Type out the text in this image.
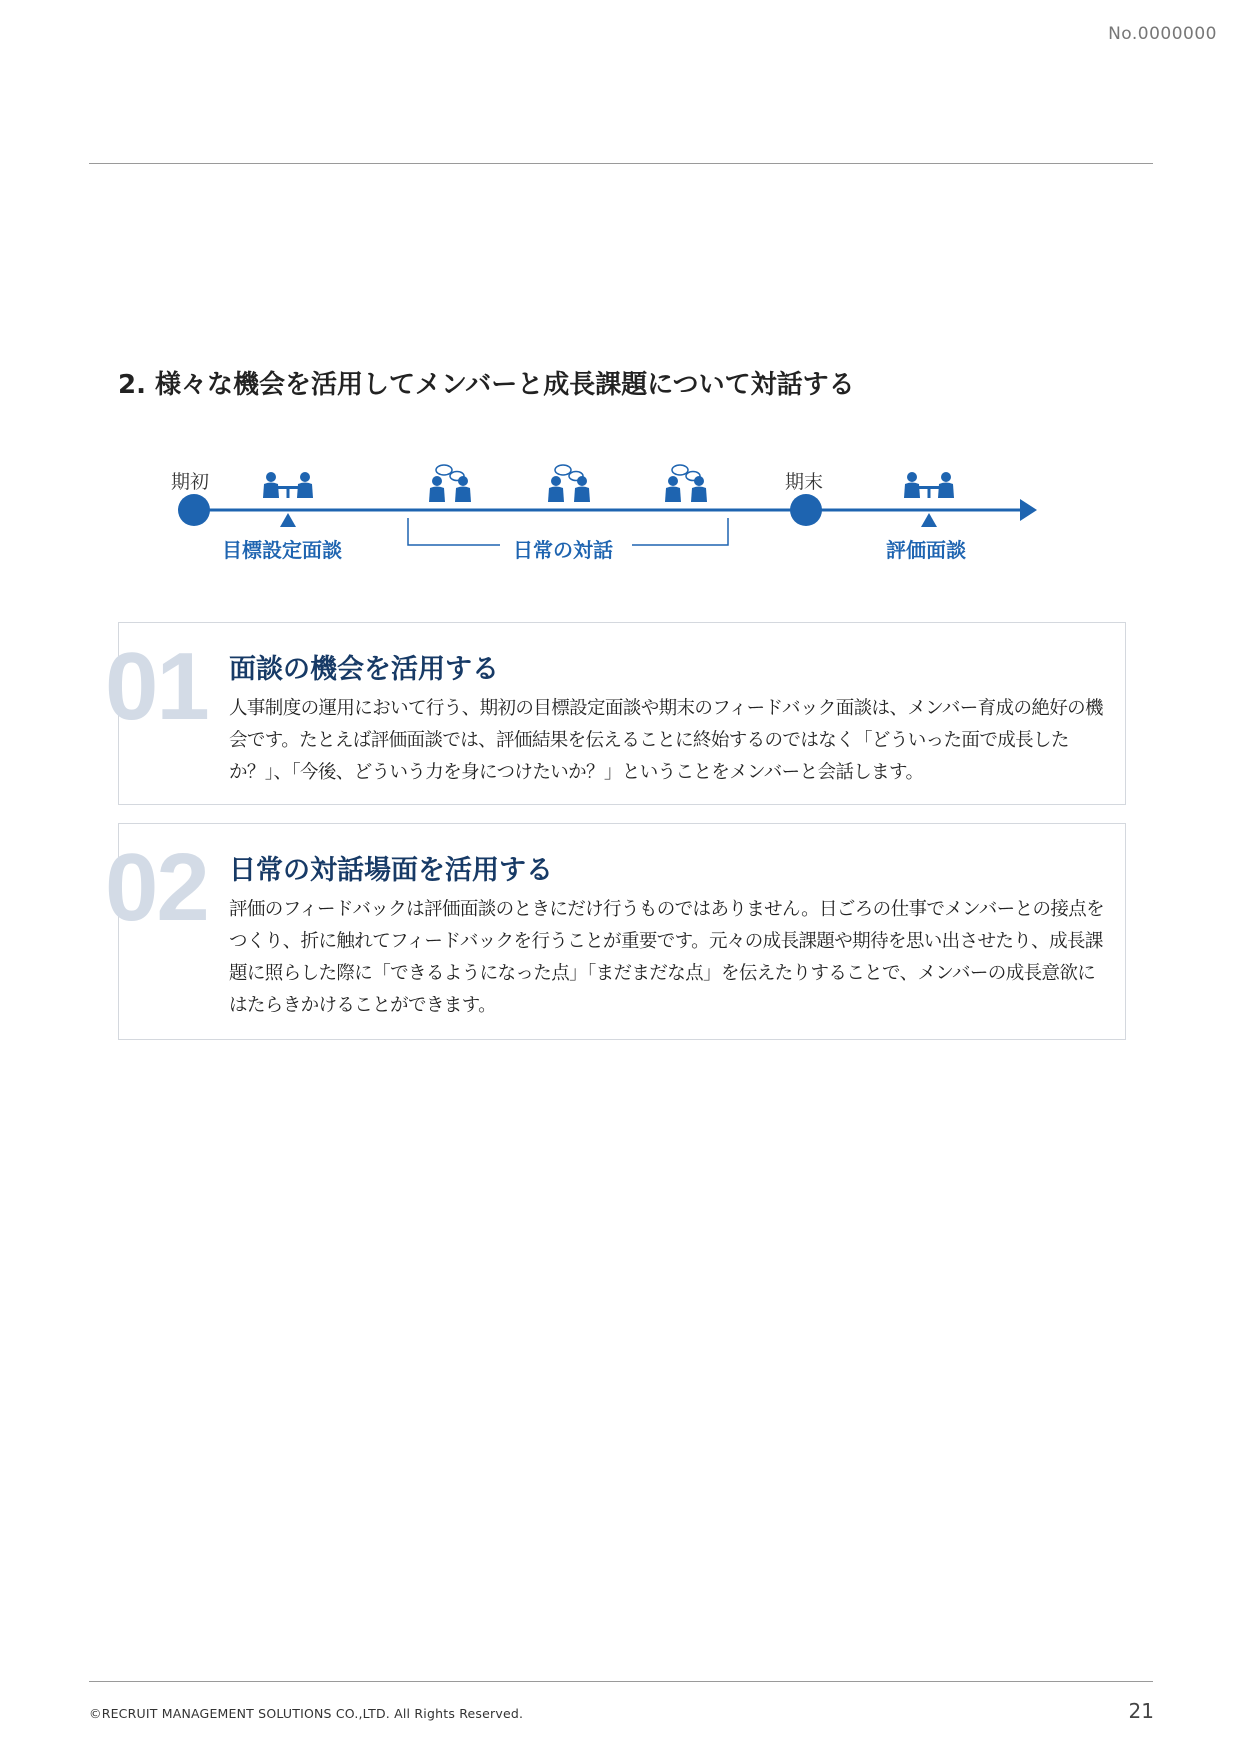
No.0000000
2. 様々な機会を活用してメンバーと成長課題について対話する
期初	期末
目標設定面談	日常の対話	評価面談
01 面談の機会を活用する

人事制度の運用において行う、期初の目標設定面談や期末のフィードバック面談は、メンバー育成の絶好の機会です。たとえば評価面談では、評価結果を伝えることに終始するのではなく「どういった面で成長したか？」、「今後、どういう力を身につけたいか？」ということをメンバーと会話します。

02 日常の対話場面を活用する

評価のフィードバックは評価面談のときにだけ行うものではありません。日ごろの仕事でメンバーとの接点をつくり、折に触れてフィードバックを行うことが重要です。元々の成長課題や期待を思い出させたり、成長課題に照らした際に「できるようになった点」「まだまだな点」を伝えたりすることで、メンバーの成長意欲にはたらきかけることができます。

©RECRUIT MANAGEMENT SOLUTIONS CO.,LTD. All Rights Reserved.	21
